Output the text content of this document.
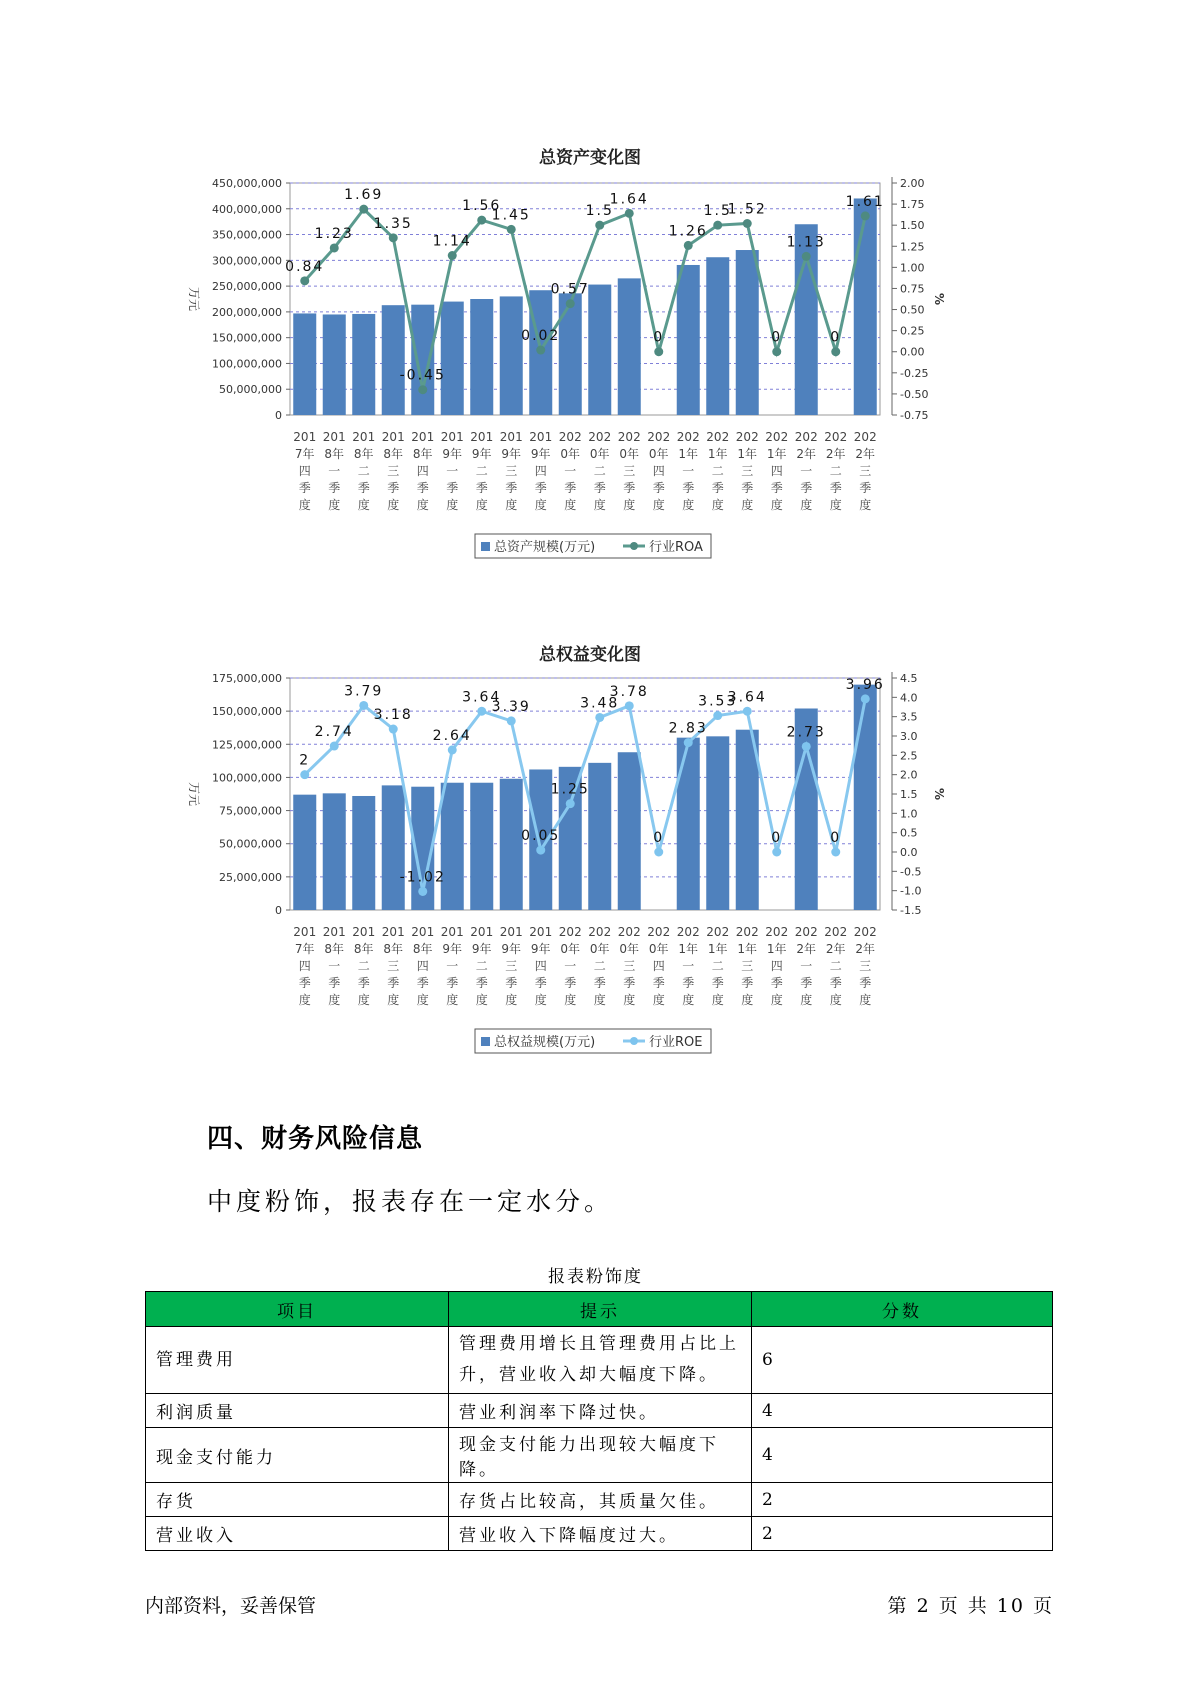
总资产变化图
0
50,000,000
100,000,000
150,000,000
200,000,000
250,000,000
300,000,000
350,000,000
400,000,000
450,000,000
-0.75
-0.50
-0.25
0.00
0.25
0.50
0.75
1.00
1.25
1.50
1.75
2.00
万元	%
0.84
1.23
1.69
1.35
-0.45
1.14
1.56
1.45
0.02
0.57
1.5
1.64
0
1.26
1.5
1.52
0
1.13
0
1.61
201
7年
四
季
度
201
8年
一
季
度
201
8年
二
季
度
201
8年
三
季
度
201
8年
四
季
度
201
9年
一
季
度
201
9年
二
季
度
201
9年
三
季
度
201
9年
四
季
度
202
0年
一
季
度
202
0年
二
季
度
202
0年
三
季
度
202
0年
四
季
度
202
1年
一
季
度
202
1年
二
季
度
202
1年
三
季
度
202
1年
四
季
度
202
2年
一
季
度
202
2年
二
季
度
202
2年
三
季
度
总资产规模(万元)	行业ROA
总权益变化图
0
25,000,000
50,000,000
75,000,000
100,000,000
125,000,000
150,000,000
175,000,000
-1.5
-1.0
-0.5
0.0
0.5
1.0
1.5
2.0
2.5
3.0
3.5
4.0
4.5
万元	%
2
2.74
3.79
3.18
-1.02
2.64
3.64
3.39
0.05
1.25
3.48
3.78
0
2.83
3.53
3.64
0
2.73
0
3.96
201
7年
四
季
度
201
8年
一
季
度
201
8年
二
季
度
201
8年
三
季
度
201
8年
四
季
度
201
9年
一
季
度
201
9年
二
季
度
201
9年
三
季
度
201
9年
四
季
度
202
0年
一
季
度
202
0年
二
季
度
202
0年
三
季
度
202
0年
四
季
度
202
1年
一
季
度
202
1年
二
季
度
202
1年
三
季
度
202
1年
四
季
度
202
2年
一
季
度
202
2年
二
季
度
202
2年
三
季
度
总权益规模(万元)	行业ROE
四、财务风险信息
中度粉饰，报表存在一定水分。
报表粉饰度
项目	提示	分数
管理费用	管理费用增长且管理费用占比上升，营业收入却大幅度下降。	6
利润质量	营业利润率下降过快。	4
现金支付能力	现金支付能力出现较大幅度下降。	4
存货	存货占比较高，其质量欠佳。	2
营业收入	营业收入下降幅度过大。	2
内部资料，妥善保管	第 2 页 共 10 页
